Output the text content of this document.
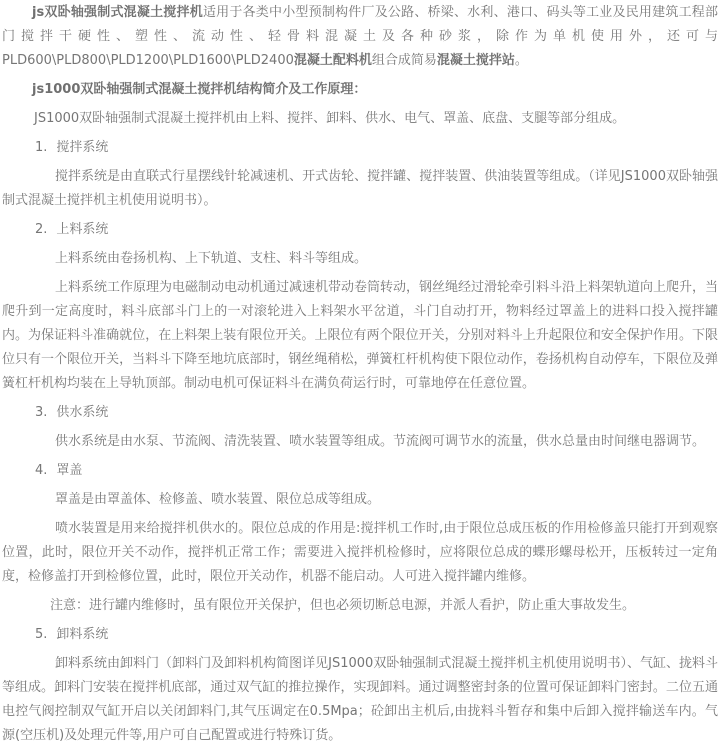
js双卧轴强制式混凝土搅拌机适用于各类中小型预制构件厂及公路、桥梁、水利、港口、码头等工业及民用建筑工程部门搅拌干硬性、塑性、流动性、轻骨料混凝土及各种砂浆，除作为单机使用外，还可与PLD600\PLD800\PLD1200\PLD1600\PLD2400混凝土配料机组合成简易混凝土搅拌站。

js1000双卧轴强制式混凝土搅拌机结构简介及工作原理：

JS1000双卧轴强制式混凝土搅拌机由上料、搅拌、卸料、供水、电气、罩盖、底盘、支腿等部分组成。

1. 搅拌系统

搅拌系统是由直联式行星摆线针轮减速机、开式齿轮、搅拌罐、搅拌装置、供油装置等组成。（详见JS1000双卧轴强制式混凝土搅拌机主机使用说明书）。

2. 上料系统

上料系统由卷扬机构、上下轨道、支柱、料斗等组成。

上料系统工作原理为电磁制动电动机通过减速机带动卷筒转动，钢丝绳经过滑轮牵引料斗沿上料架轨道向上爬升，当爬升到一定高度时，料斗底部斗门上的一对滚轮进入上料架水平岔道，斗门自动打开，物料经过罩盖上的进料口投入搅拌罐内。为保证料斗准确就位，在上料架上装有限位开关。上限位有两个限位开关，分别对料斗上升起限位和安全保护作用。下限位只有一个限位开关，当料斗下降至地坑底部时，钢丝绳稍松，弹簧杠杆机构使下限位动作，卷扬机构自动停车，下限位及弹簧杠杆机构均装在上导轨顶部。制动电机可保证料斗在满负荷运行时，可靠地停在任意位置。

3. 供水系统

供水系统是由水泵、节流阀、清洗装置、喷水装置等组成。节流阀可调节水的流量，供水总量由时间继电器调节。

4. 罩盖

罩盖是由罩盖体、检修盖、喷水装置、限位总成等组成。

喷水装置是用来给搅拌机供水的。限位总成的作用是:搅拌机工作时,由于限位总成压板的作用检修盖只能打开到观察位置，此时，限位开关不动作，搅拌机正常工作；需要进入搅拌机检修时，应将限位总成的蝶形螺母松开，压板转过一定角度，检修盖打开到检修位置，此时，限位开关动作，机器不能启动。人可进入搅拌罐内维修。

注意：进行罐内维修时，虽有限位开关保护，但也必须切断总电源，并派人看护，防止重大事故发生。

5. 卸料系统

卸料系统由卸料门（卸料门及卸料机构简图详见JS1000双卧轴强制式混凝土搅拌机主机使用说明书）、气缸、拢料斗等组成。卸料门安装在搅拌机底部，通过双气缸的推拉操作，实现卸料。通过调整密封条的位置可保证卸料门密封。二位五通电控气阀控制双气缸开启以关闭卸料门,其气压调定在0.5Mpa；砼卸出主机后,由拢料斗暂存和集中后卸入搅拌输送车内。气源(空压机)及处理元件等,用户可自己配置或进行特殊订货。
